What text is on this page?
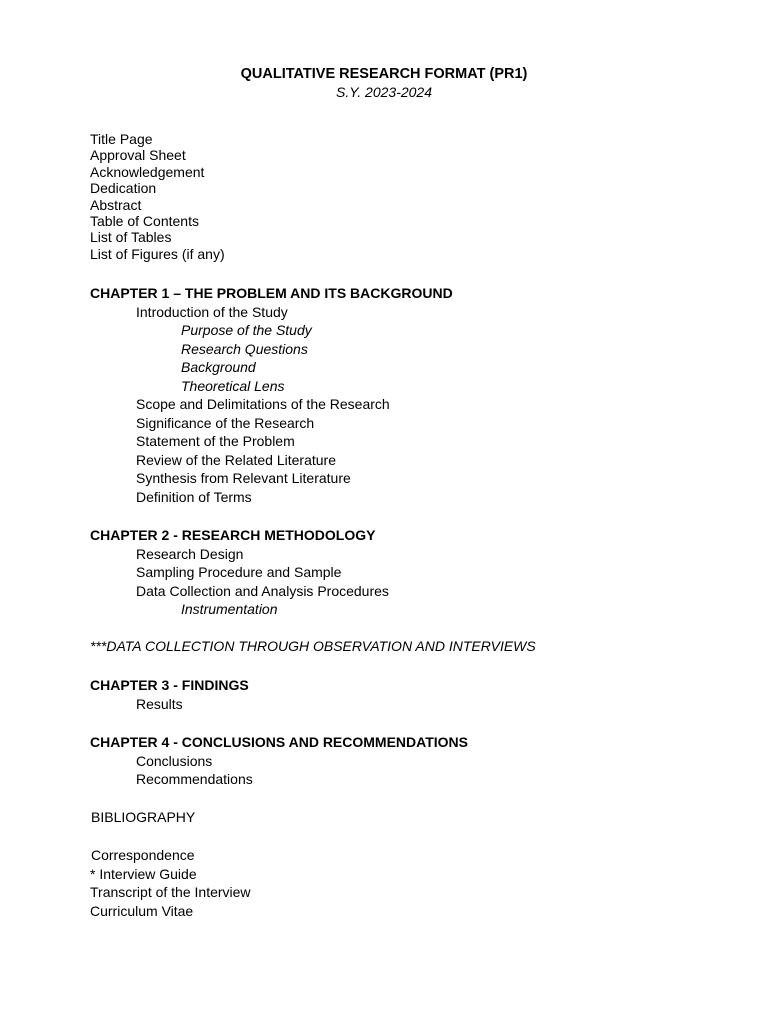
QUALITATIVE RESEARCH FORMAT (PR1)
S.Y. 2023-2024
Title Page
Approval Sheet
Acknowledgement
Dedication
Abstract
Table of Contents
List of Tables
List of Figures (if any)
CHAPTER 1 – THE PROBLEM AND ITS BACKGROUND
Introduction of the Study
Purpose of the Study
Research Questions
Background
Theoretical Lens
Scope and Delimitations of the Research
Significance of the Research
Statement of the Problem
Review of the Related Literature
Synthesis from Relevant Literature
Definition of Terms
CHAPTER 2 - RESEARCH METHODOLOGY
Research Design
Sampling Procedure and Sample
Data Collection and Analysis Procedures
Instrumentation
***DATA COLLECTION THROUGH OBSERVATION AND INTERVIEWS
CHAPTER 3 - FINDINGS
Results
CHAPTER 4 - CONCLUSIONS AND RECOMMENDATIONS
Conclusions
Recommendations
BIBLIOGRAPHY
Correspondence
* Interview Guide
Transcript of the Interview
Curriculum Vitae
